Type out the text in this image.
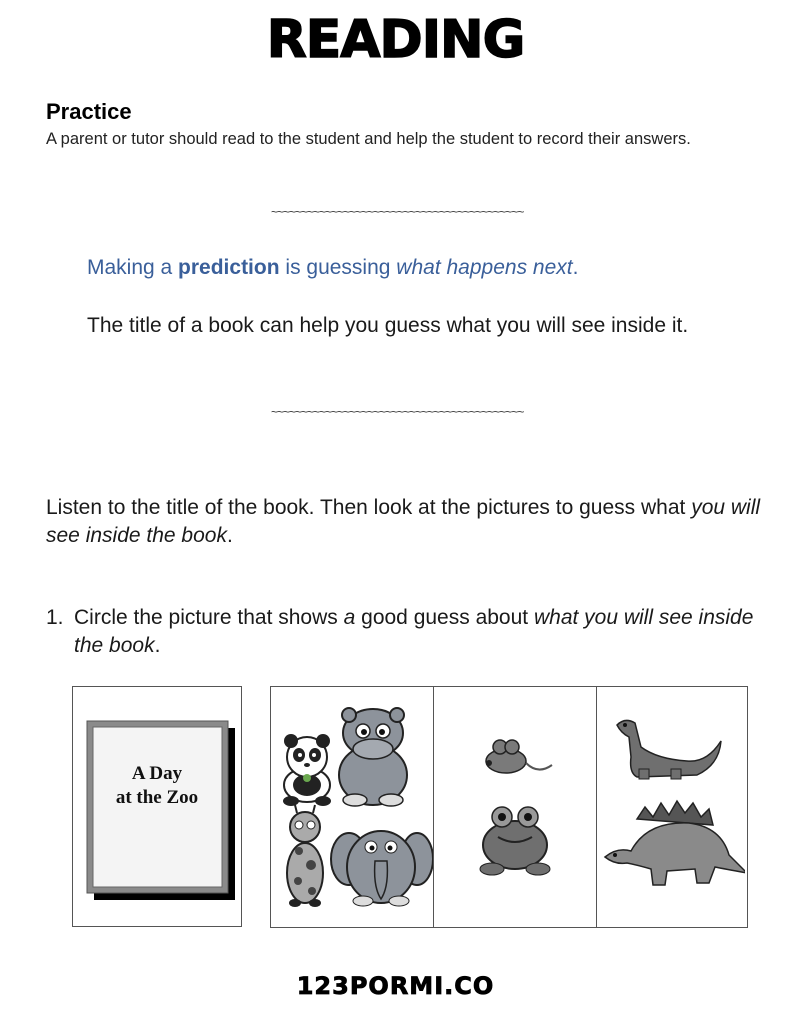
READING
Practice
A parent or tutor should read to the student and help the student to record their answers.
~~~~~~~~~~~~~~~~~~~~~~~~~~~~~~~~~~~~~~~~~~
Making a prediction is guessing what happens next.
The title of a book can help you guess what you will see inside it.
~~~~~~~~~~~~~~~~~~~~~~~~~~~~~~~~~~~~~~~~~~
Listen to the title of the book. Then look at the pictures to guess what you will see inside the book.
1. Circle the picture that shows a good guess about what you will see inside the book.
A Day
at the Zoo
123PORMI.CO
